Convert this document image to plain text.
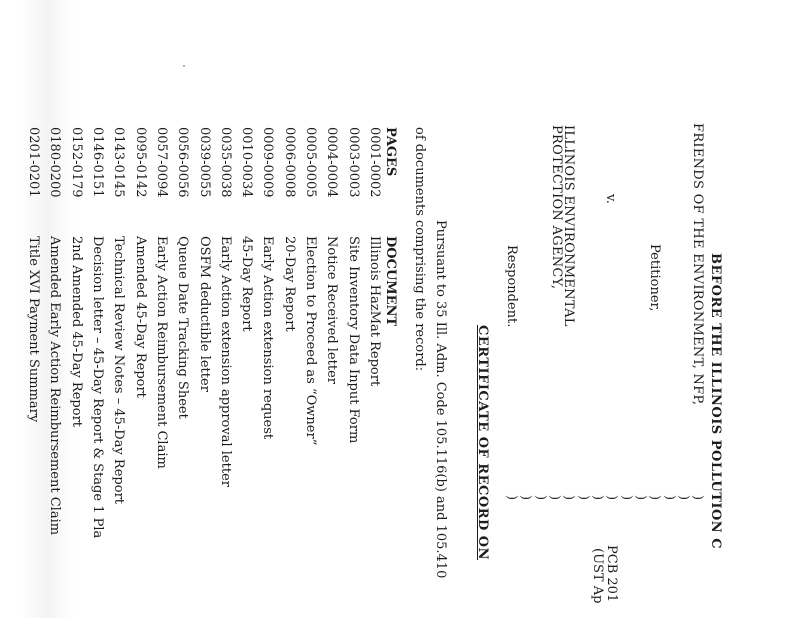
BEFORE THE ILLINOIS POLLUTION C
FRIENDS OF THE ENVIRONMENT, NFP,
Petitioner,
v.
ILLINOIS ENVIRONMENTAL
PROTECTION AGENCY,
Respondent.
)
)
)
)
)
)
)
)
)
)
)
)
)
)
PCB 201
(UST Ap
CERTIFICATE OF RECORD ON
Pursuant to 35 Ill. Adm. Code 105.116(b) and 105.410
of documents comprising the record:
PAGES
DOCUMENT
0001-0002
Illinois HazMat Report
0003-0003
Site Inventory Data Input Form
0004-0004
Notice Received letter
0005-0005
Election to Proceed as “Owner”
0006-0008
20-Day Report
0009-0009
Early Action extension request
0010-0034
45-Day Report
0035-0038
Early Action extension approval letter
0039-0055
OSFM deductible letter
0056-0056
Queue Date Tracking Sheet
0057-0094
Early Action Reimbursement Claim
0095-0142
Amended 45-Day Report
0143-0145
Technical Review Notes – 45-Day Report
0146-0151
Decision letter – 45-Day Report & Stage 1 Pla
0152-0179
2nd Amended 45-Day Report
0180-0200
Amended Early Action Reimbursement Claim
0201-0201
Title XVI Payment Summary
